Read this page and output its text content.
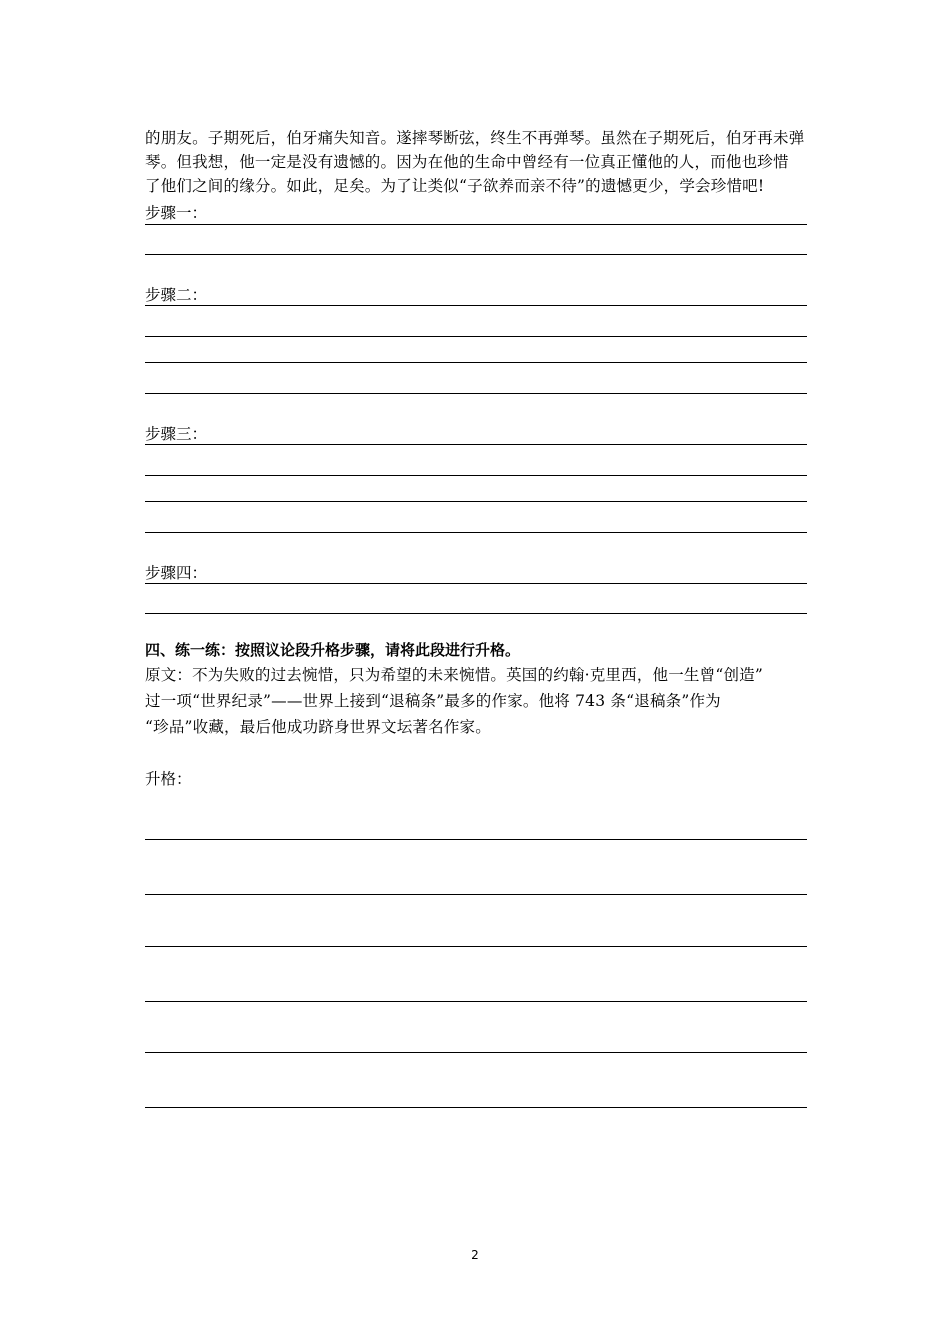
的朋友。子期死后，伯牙痛失知音。遂摔琴断弦，终生不再弹琴。虽然在子期死后，伯牙再未弹
琴。但我想，他一定是没有遗憾的。因为在他的生命中曾经有一位真正懂他的人，而他也珍惜
了他们之间的缘分。如此，足矣。为了让类似“子欲养而亲不待”的遗憾更少，学会珍惜吧!
步骤一：
步骤二：
步骤三：
步骤四：
四、练一练：按照议论段升格步骤，请将此段进行升格。
原文：不为失败的过去惋惜，只为希望的未来惋惜。英国的约翰·克里西，他一生曾“创造”
过一项“世界纪录”——世界上接到“退稿条”最多的作家。他将 743 条“退稿条”作为
“珍品”收藏，最后他成功跻身世界文坛著名作家。
升格：
2
